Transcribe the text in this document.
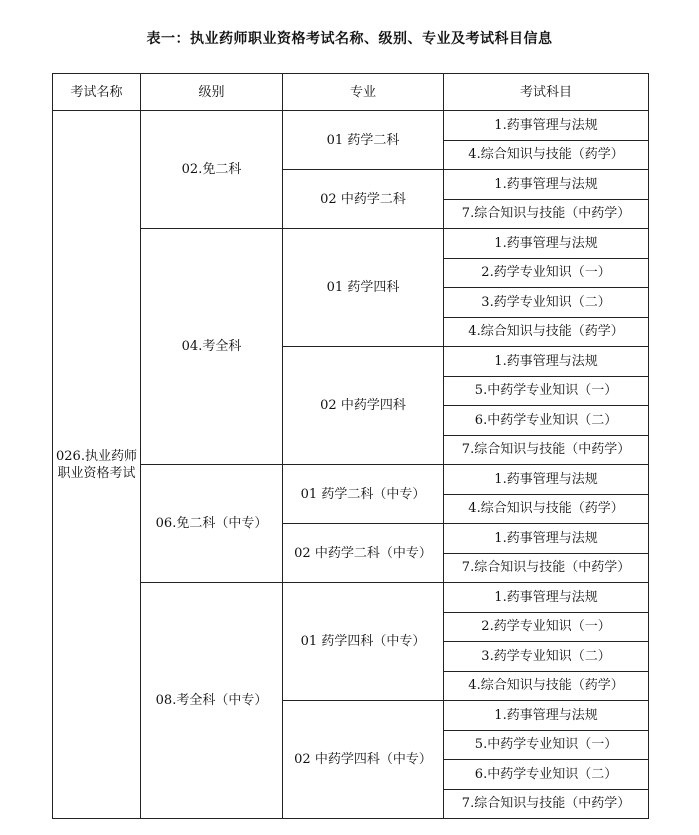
表一：执业药师职业资格考试名称、级别、专业及考试科目信息
考试名称	级别	专业	考试科目
026.执业药师职业资格考试	02.免二科	01 药学二科	1.药事管理与法规
			4.综合知识与技能（药学）
		02 中药学二科	1.药事管理与法规
			7.综合知识与技能（中药学）
	04.考全科	01 药学四科	1.药事管理与法规
			2.药学专业知识（一）
			3.药学专业知识（二）
			4.综合知识与技能（药学）
		02 中药学四科	1.药事管理与法规
			5.中药学专业知识（一）
			6.中药学专业知识（二）
			7.综合知识与技能（中药学）
	06.免二科（中专）	01 药学二科（中专）	1.药事管理与法规
			4.综合知识与技能（药学）
		02 中药学二科（中专）	1.药事管理与法规
			7.综合知识与技能（中药学）
	08.考全科（中专）	01 药学四科（中专）	1.药事管理与法规
			2.药学专业知识（一）
			3.药学专业知识（二）
			4.综合知识与技能（药学）
		02 中药学四科（中专）	1.药事管理与法规
			5.中药学专业知识（一）
			6.中药学专业知识（二）
			7.综合知识与技能（中药学）
